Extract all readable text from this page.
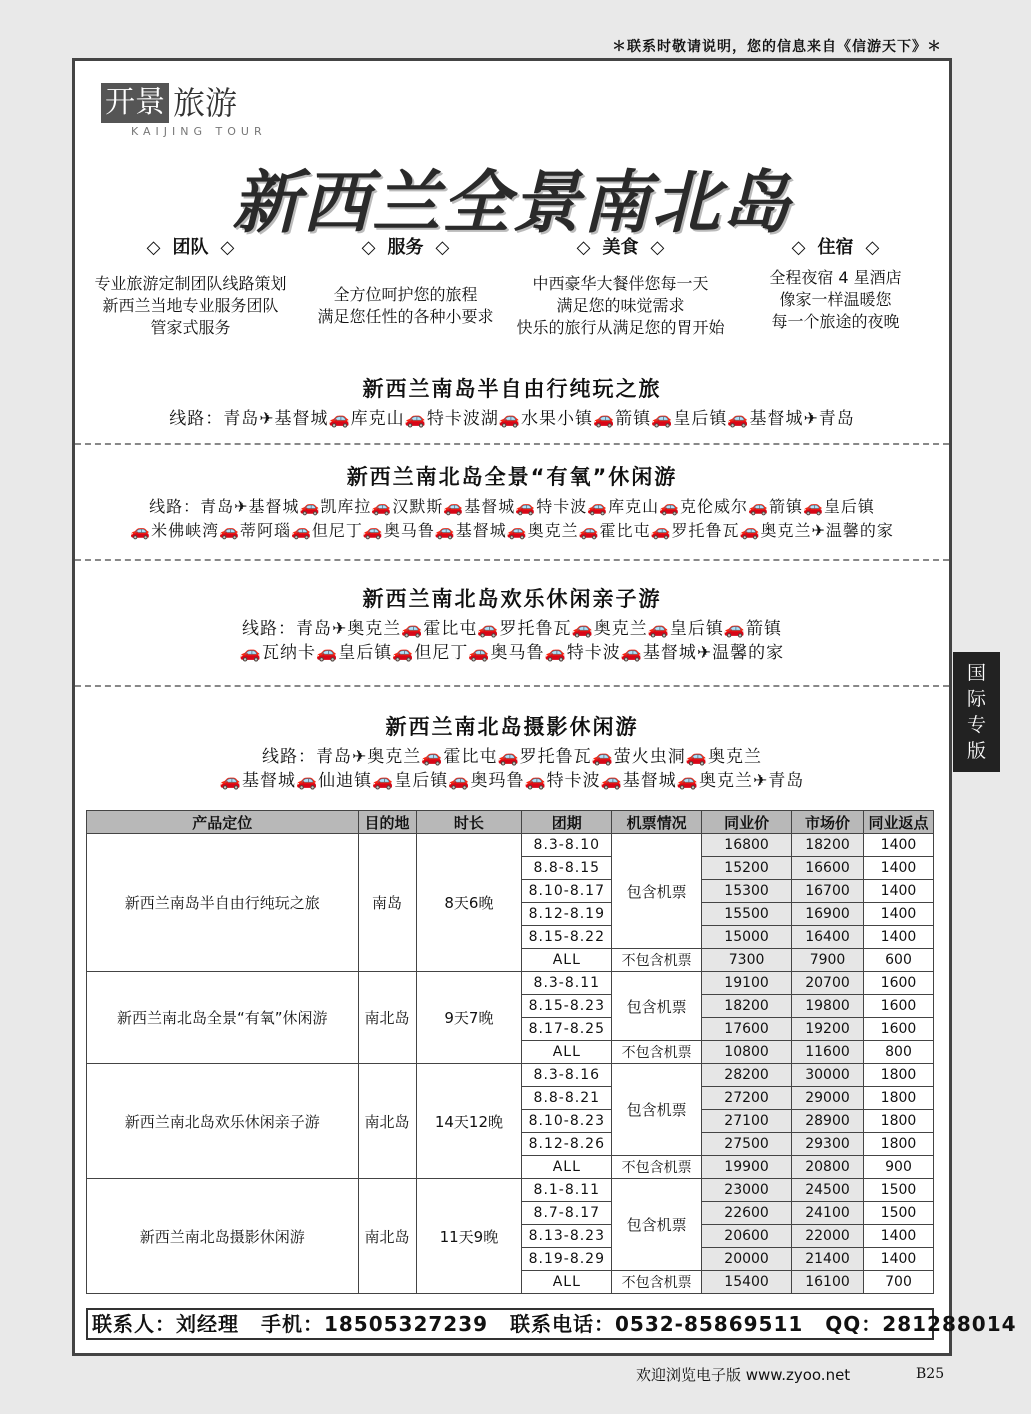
＊联系时敬请说明，您的信息来自《信游天下》＊
开景 旅游
KAIJING TOUR
新西兰全景南北岛
◇ 团队 ◇
专业旅游定制团队线路策划
新西兰当地专业服务团队
管家式服务
◇ 服务 ◇
全方位呵护您的旅程
满足您任性的各种小要求
◇ 美食 ◇
中西豪华大餐伴您每一天
满足您的味觉需求
快乐的旅行从满足您的胃开始
◇ 住宿 ◇
全程夜宿 4 星酒店
像家一样温暖您
每一个旅途的夜晚
新西兰南岛半自由行纯玩之旅
线路：青岛✈基督城🚗库克山🚗特卡波湖🚗水果小镇🚗箭镇🚗皇后镇🚗基督城✈青岛
新西兰南北岛全景“有氧”休闲游
线路：青岛✈基督城🚗凯库拉🚗汉默斯🚗基督城🚗特卡波🚗库克山🚗克伦威尔🚗箭镇🚗皇后镇
🚗米佛峡湾🚗蒂阿瑙🚗但尼丁🚗奥马鲁🚗基督城🚗奥克兰🚗霍比屯🚗罗托鲁瓦🚗奥克兰✈温馨的家
新西兰南北岛欢乐休闲亲子游
线路：青岛✈奥克兰🚗霍比屯🚗罗托鲁瓦🚗奥克兰🚗皇后镇🚗箭镇
🚗瓦纳卡🚗皇后镇🚗但尼丁🚗奥马鲁🚗特卡波🚗基督城✈温馨的家
新西兰南北岛摄影休闲游
线路：青岛✈奥克兰🚗霍比屯🚗罗托鲁瓦🚗萤火虫洞🚗奥克兰
🚗基督城🚗仙迪镇🚗皇后镇🚗奥玛鲁🚗特卡波🚗基督城🚗奥克兰✈青岛
国
际
专
版
产品定位	目的地	时长	团期	机票情况	同业价	市场价	同业返点
新西兰南岛半自由行纯玩之旅	南岛	8天6晚	8.3-8.10	包含机票	16800	18200	1400
			8.8-8.15		15200	16600	1400
			8.10-8.17		15300	16700	1400
			8.12-8.19		15500	16900	1400
			8.15-8.22		15000	16400	1400
			ALL	不包含机票	7300	7900	600
新西兰南北岛全景“有氧”休闲游	南北岛	9天7晚	8.3-8.11	包含机票	19100	20700	1600
			8.15-8.23		18200	19800	1600
			8.17-8.25		17600	19200	1600
			ALL	不包含机票	10800	11600	800
新西兰南北岛欢乐休闲亲子游	南北岛	14天12晚	8.3-8.16	包含机票	28200	30000	1800
			8.8-8.21		27200	29000	1800
			8.10-8.23		27100	28900	1800
			8.12-8.26		27500	29300	1800
			ALL	不包含机票	19900	20800	900
新西兰南北岛摄影休闲游	南北岛	11天9晚	8.1-8.11	包含机票	23000	24500	1500
			8.7-8.17		22600	24100	1500
			8.13-8.23		20600	22000	1400
			8.19-8.29		20000	21400	1400
			ALL	不包含机票	15400	16100	700
联系人：刘经理 手机：18505327239 联系电话：0532-85869511 QQ：281288014
欢迎浏览电子版 www.zyoo.net	B25
